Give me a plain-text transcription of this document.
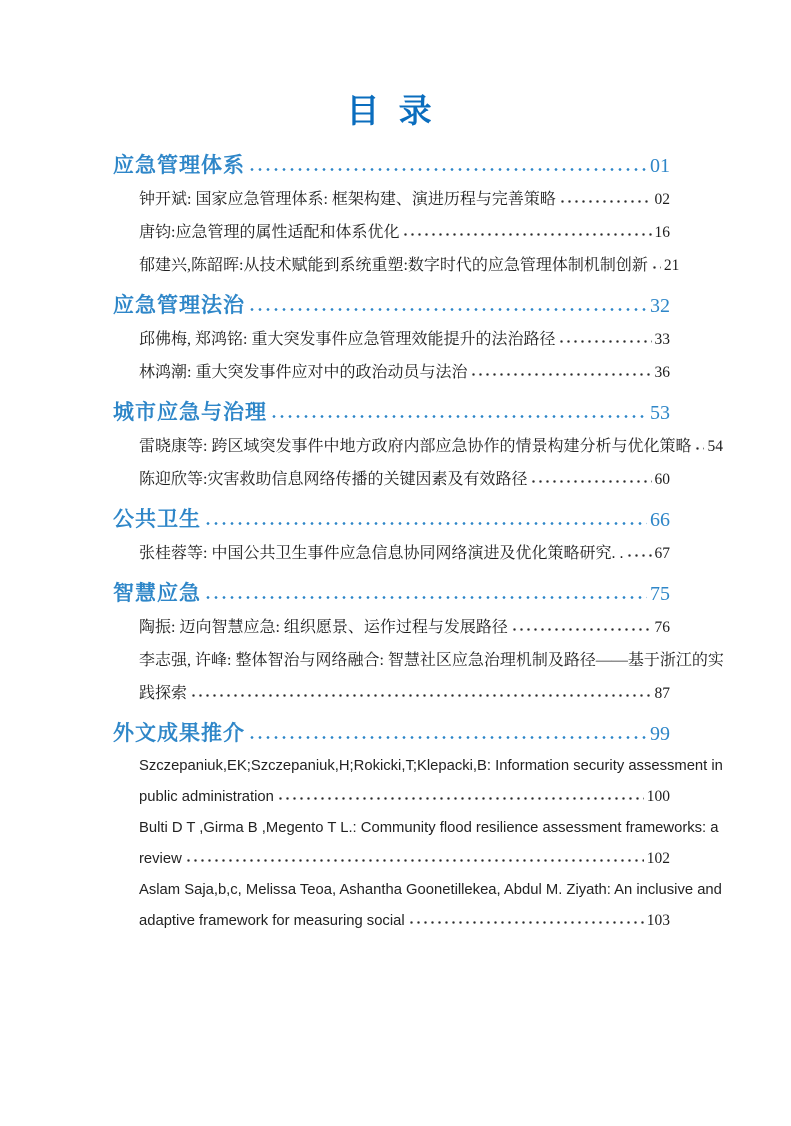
目 录
应急管理体系	01
钟开斌: 国家应急管理体系: 框架构建、演进历程与完善策略	02
唐钧:应急管理的属性适配和体系优化	16
郁建兴,陈韶晖:从技术赋能到系统重塑:数字时代的应急管理体制机制创新 21
应急管理法治	32
邱佛梅, 郑鸿铭: 重大突发事件应急管理效能提升的法治路径	33
林鸿潮: 重大突发事件应对中的政治动员与法治	36
城市应急与治理	53
雷晓康等: 跨区域突发事件中地方政府内部应急协作的情景构建分析与优化策略 54
陈迎欣等:灾害救助信息网络传播的关键因素及有效路径	60
公共卫生	66
张桂蓉等: 中国公共卫生事件应急信息协同网络演进及优化策略研究. . 67
智慧应急	75
陶振: 迈向智慧应急: 组织愿景、运作过程与发展路径	76
李志强, 许峰: 整体智治与网络融合: 智慧社区应急治理机制及路径——基于浙江的实
践探索	87
外文成果推介	99
Szczepaniuk,EK;Szczepaniuk,H;Rokicki,T;Klepacki,B: Information security assessment in
public administration	100
Bulti D T ,Girma B ,Megento T L.: Community flood resilience assessment frameworks: a
review	102
Aslam Saja,b,c, Melissa Teoa, Ashantha Goonetillekea, Abdul M. Ziyath: An inclusive and
adaptive framework for measuring social	103
